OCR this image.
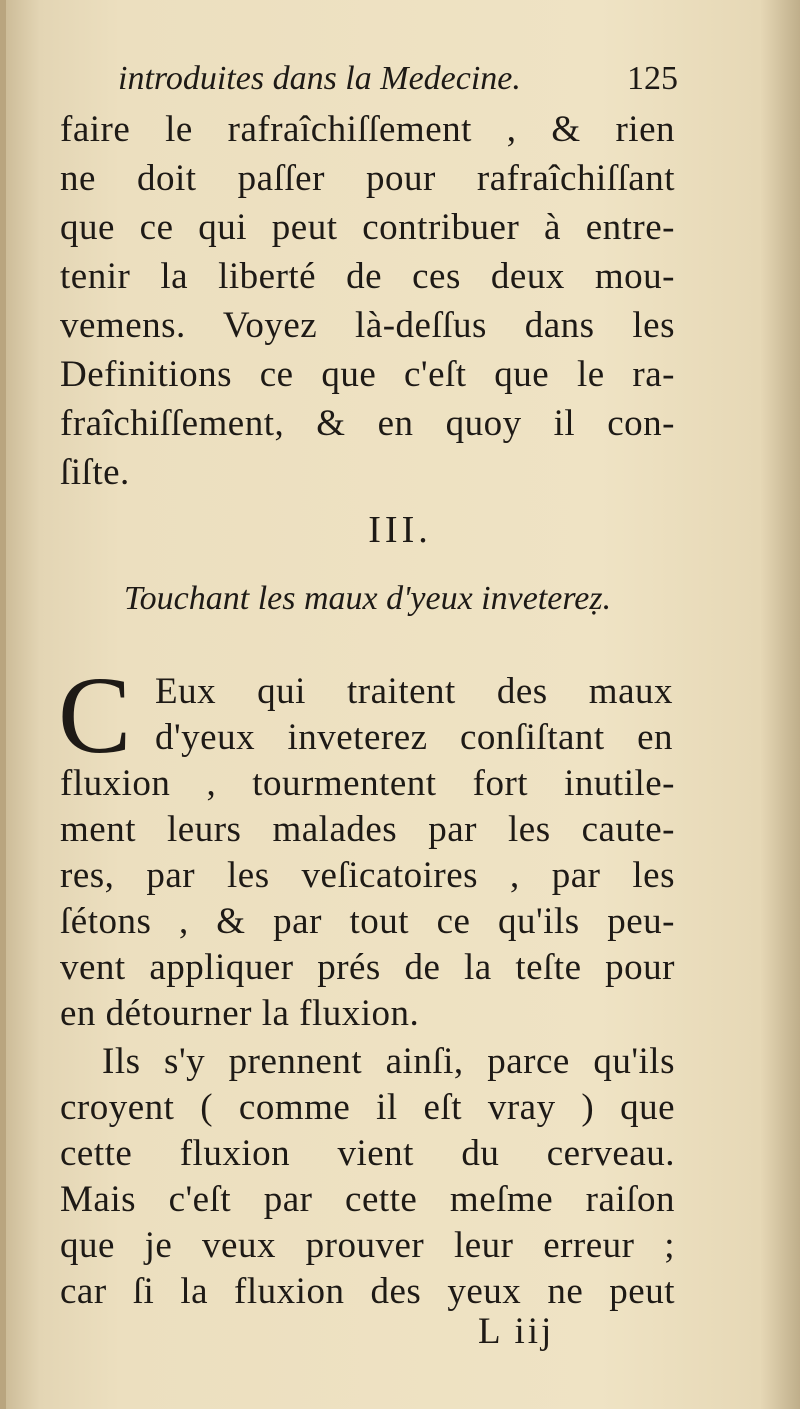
introduites dans la Medecine.	125
faire le rafraîchiſſement , & rien
ne doit paſſer pour rafraîchiſſant
que ce qui peut contribuer à entre-
tenir la liberté de ces deux mou-
vemens. Voyez là-deſſus dans les
Definitions ce que c'eſt que le ra-
fraîchiſſement, & en quoy il con-
ſiſte.
III.
Touchant les maux d'yeux invetereẓ.
C Eux qui traitent des maux
d'yeux inveterez conſiſtant en
fluxion , tourmentent fort inutile-
ment leurs malades par les caute-
res, par les veſicatoires , par les
ſétons , & par tout ce qu'ils peu-
vent appliquer prés de la teſte pour
en détourner la fluxion.
Ils s'y prennent ainſi, parce qu'ils
croyent ( comme il eſt vray ) que
cette fluxion vient du cerveau.
Mais c'eſt par cette meſme raiſon
que je veux prouver leur erreur ;
car ſi la fluxion des yeux ne peut
L iij
